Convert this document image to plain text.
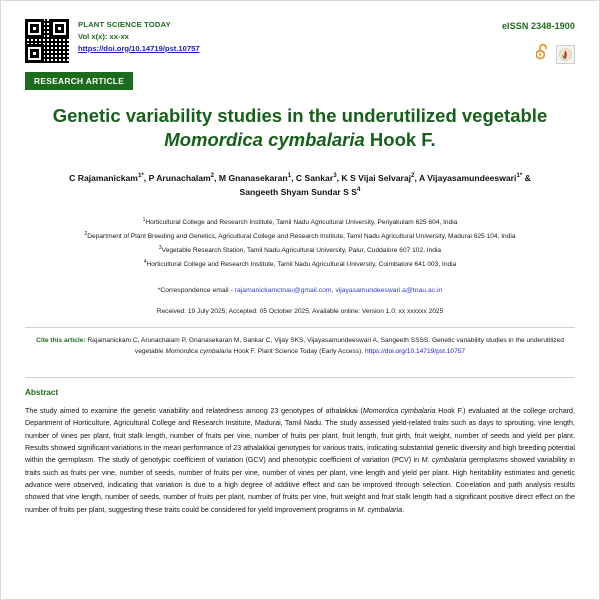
PLANT SCIENCE TODAY
Vol x(x): xx-xx
https://doi.org/10.14719/pst.10757
eISSN 2348-1900
RESEARCH ARTICLE
Genetic variability studies in the underutilized vegetable
Momordica cymbalaria Hook F.
C Rajamanickam$^{1*}$, P Arunachalam$^2$, M Gnanasekaran$^1$, C Sankar$^3$, K S Vijai Selvaraj$^2$, A Vijayasamundeeswari$^{1*}$ &
Sangeeth Shyam Sundar S $S^4$
$^1$Horticultural College and Research Institute, Tamil Nadu Agricultural University, Periyakulam 625 604, India
$^2$Department of Plant Breeding and Genetics, Agricultural College and Research Institute, Tamil Nadu Agricultural University, Madurai 625 104, India
$^3$Vegetable Research Station, Tamil Nadu Agricultural University, Palur, Cuddalore 607 102, India
$^4$Horticultural College and Research Institute, Tamil Nadu Agricultural University, Coimbatore 641 003, India
*Correspondence email - rajamanickamctnau@gmail.com, vijayasamundeeswari.a@tnau.ac.in
Received: 19 July 2025; Accepted: 05 October 2025; Available online: Version 1.0: xx xxxxxx 2025
Cite this article: Rajamanickam C, Arunachalam P, Gnanasekaran M, Sankar C, Vijay SKS, Vijayasamundeeswari A, Sangeeth SSSS. Genetic variability studies in the underutilized vegetable Momordica cymbalaria Hook F. Plant Science Today (Early Access). https://doi.org/10.14719/pst.10757
Abstract
The study aimed to examine the genetic variability and relatedness among 23 genotypes of athalakkai (Momordica cymbalaria Hook F.) evaluated at the college orchard, Department of Horticulture, Agricultural College and Research Institute, Madurai, Tamil Nadu. The study assessed yield-related traits such as days to sprouting, vine length, number of vines per plant, fruit stalk length, number of fruits per vine, number of fruits per plant, fruit length, fruit girth, fruit weight, number of seeds and yield per plant. Results showed significant variations in the mean performance of 23 athalakkai genotypes for various traits, indicating substantial genetic diversity and high breeding potential within the germplasm. The study of genotypic coefficient of variation (GCV) and phenotypic coefficient of variation (PCV) in M. cymbalaria germplasms showed variability in traits such as fruits per vine, number of seeds, number of fruits per vine, number of vines per plant, vine length and yield per plant. High heritability estimates and genetic advance were observed, indicating that variation is due to a high degree of additive effect and can be improved through selection. Correlation and path analysis results showed that vine length, number of seeds, number of fruits per plant, number of fruits per vine, fruit weight and fruit stalk length had a significant positive direct effect on the number of fruits per plant, suggesting these traits could be considered for yield improvement programs in M. cymbalaria.
